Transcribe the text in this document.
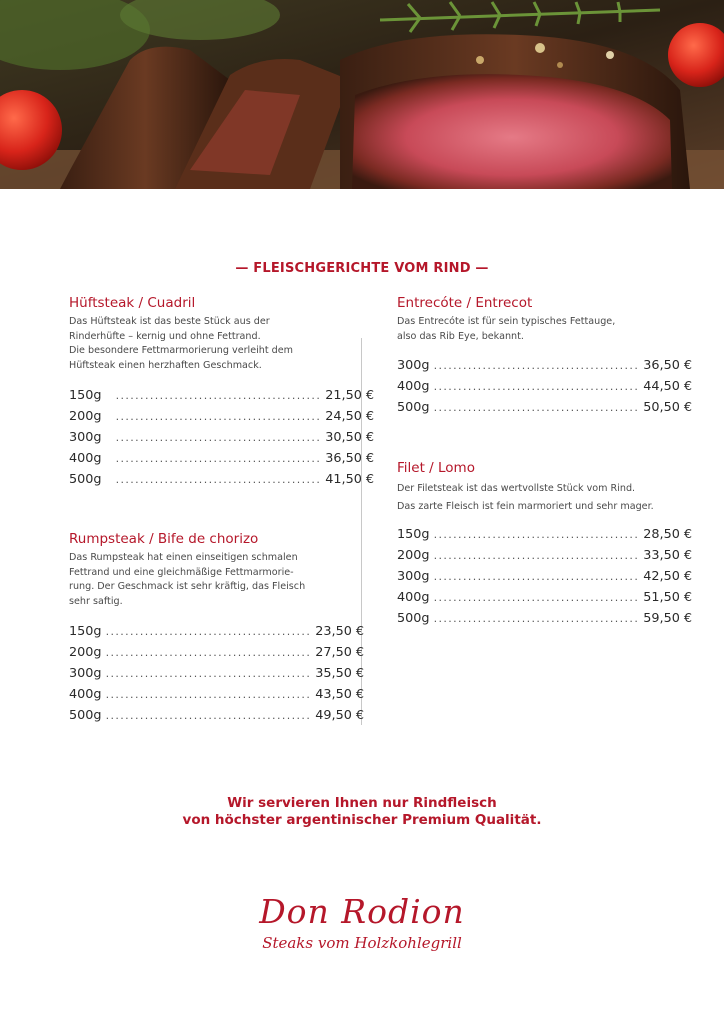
— FLEISCHGERICHTE VOM RIND —
Hüftsteak / Cuadril

Das Hüftsteak ist das beste Stück aus der

Rinderhüfte – kernig und ohne Fettrand.

Die besondere Fettmarmorierung verleiht dem

Hüftsteak einen herzhaften Geschmack.

150g .......................................... 21,50 €
200g .......................................... 24,50 €
300g .......................................... 30,50 €
400g .......................................... 36,50 €
500g .......................................... 41,50 €
Rumpsteak / Bife de chorizo

Das Rumpsteak hat einen einseitigen schmalen

Fettrand und eine gleichmäßige Fettmarmorie-

rung. Der Geschmack ist sehr kräftig, das Fleisch

sehr saftig.

150g .......................................... 23,50 €
200g .......................................... 27,50 €
300g .......................................... 35,50 €
400g .......................................... 43,50 €
500g .......................................... 49,50 €
Entrecóte / Entrecot

Das Entrecóte ist für sein typisches Fettauge,

also das Rib Eye, bekannt.

300g .......................................... 36,50 €
400g .......................................... 44,50 €
500g .......................................... 50,50 €
Filet / Lomo

Der Filetsteak ist das wertvollste Stück vom Rind.

Das zarte Fleisch ist fein marmoriert und sehr mager.

150g .......................................... 28,50 €
200g .......................................... 33,50 €
300g .......................................... 42,50 €
400g .......................................... 51,50 €
500g .......................................... 59,50 €
Wir servieren Ihnen nur Rindfleisch
von höchster argentinischer Premium Qualität.
Don Rodion
Steaks vom Holzkohlegrill
